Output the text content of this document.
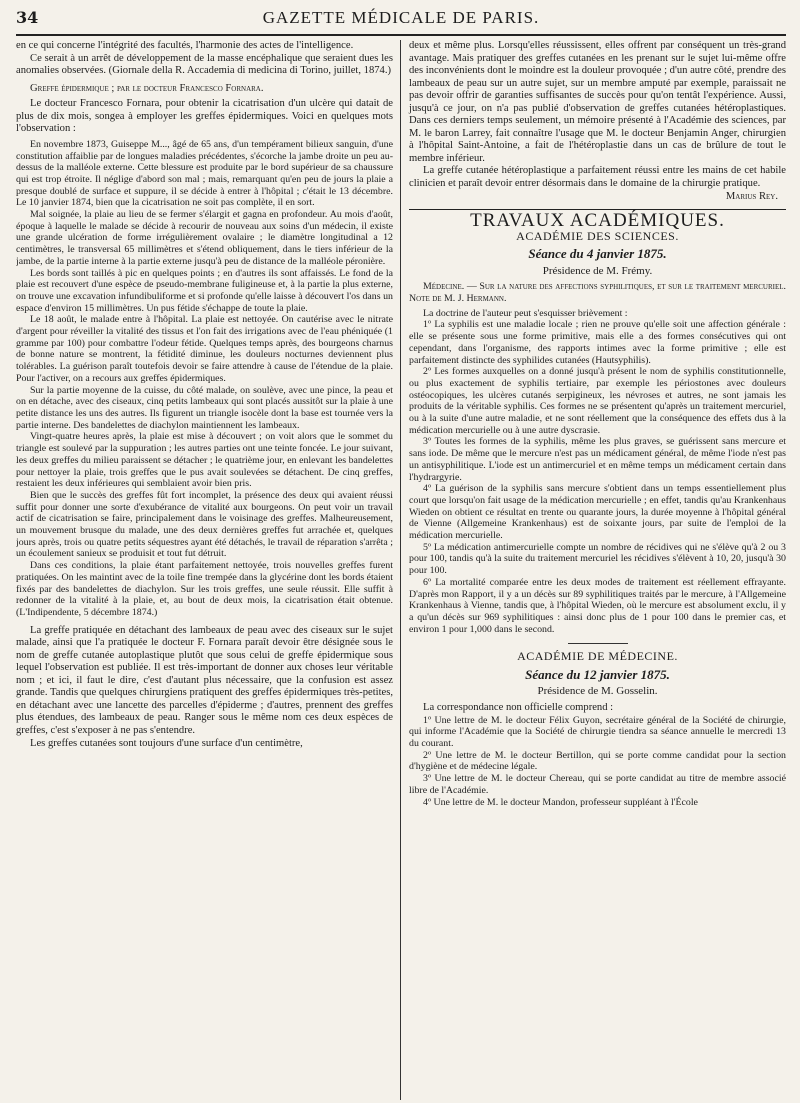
34	GAZETTE MÉDICALE DE PARIS.

en ce qui concerne l'intégrité des facultés, l'harmonie des actes de l'intelligence.

Ce serait à un arrêt de développement de la masse encéphalique que seraient dues les anomalies observées. (Giornale della R. Accademia di medicina di Torino, juillet, 1874.)

Greffe épidermique ; par le docteur Francesco Fornara.

Le docteur Francesco Fornara, pour obtenir la cicatrisation d'un ulcère qui datait de plus de dix mois, songea à employer les greffes épidermiques. Voici en quelques mots l'observation :

En novembre 1873, Guiseppe M..., âgé de 65 ans, d'un tempérament bilieux sanguin, d'une constitution affaiblie par de longues maladies précédentes, s'écorche la jambe droite un peu au-dessus de la malléole externe. Cette blessure est produite par le bord supérieur de sa chaussure qui est trop étroite. Il néglige d'abord son mal ; mais, remarquant qu'en peu de jours la plaie a presque doublé de surface et suppure, il se décide à entrer à l'hôpital ; c'était le 13 décembre. Le 10 janvier 1874, bien que la cicatrisation ne soit pas complète, il en sort.

Mal soignée, la plaie au lieu de se fermer s'élargit et gagna en profondeur. Au mois d'août, époque à laquelle le malade se décide à recourir de nouveau aux soins d'un médecin, il existe une grande ulcération de forme irrégulièrement ovalaire ; le diamètre longitudinal a 12 centimètres, le transversal 65 millimètres et s'étend obliquement, dans le tiers inférieur de la jambe, de la partie interne à la partie externe jusqu'à peu de distance de la malléole péronière.

Les bords sont taillés à pic en quelques points ; en d'autres ils sont affaissés. Le fond de la plaie est recouvert d'une espèce de pseudo-membrane fuligineuse et, à la partie la plus externe, on trouve une excavation infundibuliforme et si profonde qu'elle laisse à découvert l'os dans un espace d'environ 15 millimètres. Un pus fétide s'échappe de toute la plaie.

Le 18 août, le malade entre à l'hôpital. La plaie est nettoyée. On cautérise avec le nitrate d'argent pour réveiller la vitalité des tissus et l'on fait des irrigations avec de l'eau phéniquée (1 gramme par 100) pour combattre l'odeur fétide. Quelques temps après, des bourgeons charnus de bonne nature se montrent, la fétidité diminue, les douleurs nocturnes deviennent plus tolérables. La guérison paraît toutefois devoir se faire attendre à cause de l'étendue de la plaie. Pour l'activer, on a recours aux greffes épidermiques.

Sur la partie moyenne de la cuisse, du côté malade, on soulève, avec une pince, la peau et on en détache, avec des ciseaux, cinq petits lambeaux qui sont placés aussitôt sur la plaie à une petite distance les uns des autres. Ils figurent un triangle isocèle dont la base est tournée vers la partie interne. Des bandelettes de diachylon maintiennent les lambeaux.

Vingt-quatre heures après, la plaie est mise à découvert ; on voit alors que le sommet du triangle est soulevé par la suppuration ; les autres parties ont une teinte foncée. Le jour suivant, les deux greffes du milieu paraissent se détacher ; le quatrième jour, en enlevant les bandelettes pour nettoyer la plaie, trois greffes que le pus avait soulevées se détachent. De cinq greffes, restaient les deux inférieures qui semblaient avoir bien pris.

Bien que le succès des greffes fût fort incomplet, la présence des deux qui avaient réussi suffit pour donner une sorte d'exubérance de vitalité aux bourgeons. On peut voir un travail actif de cicatrisation se faire, principalement dans le voisinage des greffes. Malheureusement, un mouvement brusque du malade, une des deux dernières greffes fut arrachée et, quelques jours après, trois ou quatre petits séquestres ayant été détachés, le travail de réparation s'arrêta ; un écoulement sanieux se produisit et tout fut détruit.

Dans ces conditions, la plaie étant parfaitement nettoyée, trois nouvelles greffes furent pratiquées. On les maintint avec de la toile fine trempée dans la glycérine dont les bords étaient fixés par des bandelettes de diachylon. Sur les trois greffes, une seule réussit. Elle suffit à redonner de la vitalité à la plaie, et, au bout de deux mois, la cicatrisation était obtenue. (L'Indipendente, 5 décembre 1874.)

La greffe pratiquée en détachant des lambeaux de peau avec des ciseaux sur le sujet malade, ainsi que l'a pratiquée le docteur F. Fornara paraît devoir être désignée sous le nom de greffe cutanée autoplastique plutôt que sous celui de greffe épidermique sous lequel l'observation est publiée. Il est très-important de donner aux choses leur véritable nom ; et ici, il faut le dire, c'est d'autant plus nécessaire, que la confusion est assez grande. Tandis que quelques chirurgiens pratiquent des greffes épidermiques très-petites, en détachant avec une lancette des parcelles d'épiderme ; d'autres, prennent des greffes plus étendues, des lambeaux de peau. Ranger sous le même nom ces deux espèces de greffes, c'est s'exposer à ne pas s'entendre.

Les greffes cutanées sont toujours d'une surface d'un centimètre,

deux et même plus. Lorsqu'elles réussissent, elles offrent par conséquent un très-grand avantage. Mais pratiquer des greffes cutanées en les prenant sur le sujet lui-même offre des inconvénients dont le moindre est la douleur provoquée ; d'un autre côté, prendre des lambeaux de peau sur un autre sujet, sur un membre amputé par exemple, paraissait ne pas devoir offrir de garanties suffisantes de succès pour qu'on tentât l'expérience. Aussi, jusqu'à ce jour, on n'a pas publié d'observation de greffes cutanées hétéroplastiques. Dans ces derniers temps seulement, un mémoire présenté à l'Académie des sciences, par M. le baron Larrey, fait connaître l'usage que M. le docteur Benjamin Anger, chirurgien à l'hôpital Saint-Antoine, a fait de l'hétéroplastie dans un cas de brûlure de tout le membre inférieur.

La greffe cutanée hétéroplastique a parfaitement réussi entre les mains de cet habile clinicien et paraît devoir entrer désormais dans le domaine de la chirurgie pratique.

Marius Rey.

TRAVAUX ACADÉMIQUES.

ACADÉMIE DES SCIENCES.

Séance du 4 janvier 1875.

Présidence de M. Frémy.

Médecine. — Sur la nature des affections syphilitiques, et sur le traitement mercuriel. Note de M. J. Hermann.

La doctrine de l'auteur peut s'esquisser brièvement :

1º La syphilis est une maladie locale ; rien ne prouve qu'elle soit une affection générale : elle se présente sous une forme primitive, mais elle a des formes consécutives qui ont cependant, dans l'organisme, des rapports intimes avec la forme primitive ; elle est parfaitement distincte des syphilides cutanées (Hautsyphilis).

2º Les formes auxquelles on a donné jusqu'à présent le nom de syphilis constitutionnelle, ou plus exactement de syphilis tertiaire, par exemple les périostones avec douleurs ostéocopiques, les ulcères cutanés serpigineux, les névroses et autres, ne sont jamais les produits de la véritable syphilis. Ces formes ne se présentent qu'après un traitement mercuriel, ou à la suite d'une autre maladie, et ne sont réellement que la conséquence des effets dus à la médication mercurielle ou à une autre dyscrasie.

3º Toutes les formes de la syphilis, même les plus graves, se guérissent sans mercure et sans iode. De même que le mercure n'est pas un médicament général, de même l'iode n'est pas un antisyphilitique. L'iode est un antimercuriel et en même temps un médicament certain dans l'hydrargyrie.

4º La guérison de la syphilis sans mercure s'obtient dans un temps essentiellement plus court que lorsqu'on fait usage de la médication mercurielle ; en effet, tandis qu'au Krankenhaus Wieden on obtient ce résultat en trente ou quarante jours, la durée moyenne à l'hôpital général de Vienne (Allgemeine Krankenhaus) est de soixante jours, par suite de l'emploi de la médication mercurielle.

5º La médication antimercurielle compte un nombre de récidives qui ne s'élève qu'à 2 ou 3 pour 100, tandis qu'à la suite du traitement mercuriel les récidives s'élèvent à 10, 20, jusqu'à 30 pour 100.

6º La mortalité comparée entre les deux modes de traitement est réellement effrayante. D'après mon Rapport, il y a un décès sur 89 syphilitiques traités par le mercure, à l'Allgemeine Krankenhaus à Vienne, tandis que, à l'hôpital Wieden, où le mercure est absolument exclu, il y a qu'un décès sur 969 syphilitiques : ainsi donc plus de 1 pour 100 dans le premier cas, et environ 1 pour 1,000 dans le second.

ACADÉMIE DE MÉDECINE.

Séance du 12 janvier 1875.

Présidence de M. Gosselin.

La correspondance non officielle comprend :

1º Une lettre de M. le docteur Félix Guyon, secrétaire général de la Société de chirurgie, qui informe l'Académie que la Société de chirurgie tiendra sa séance annuelle le mercredi 13 du courant.

2º Une lettre de M. le docteur Bertillon, qui se porte comme candidat pour la section d'hygiène et de médecine légale.

3º Une lettre de M. le docteur Chereau, qui se porte candidat au titre de membre associé libre de l'Académie.

4º Une lettre de M. le docteur Mandon, professeur suppléant à l'École
